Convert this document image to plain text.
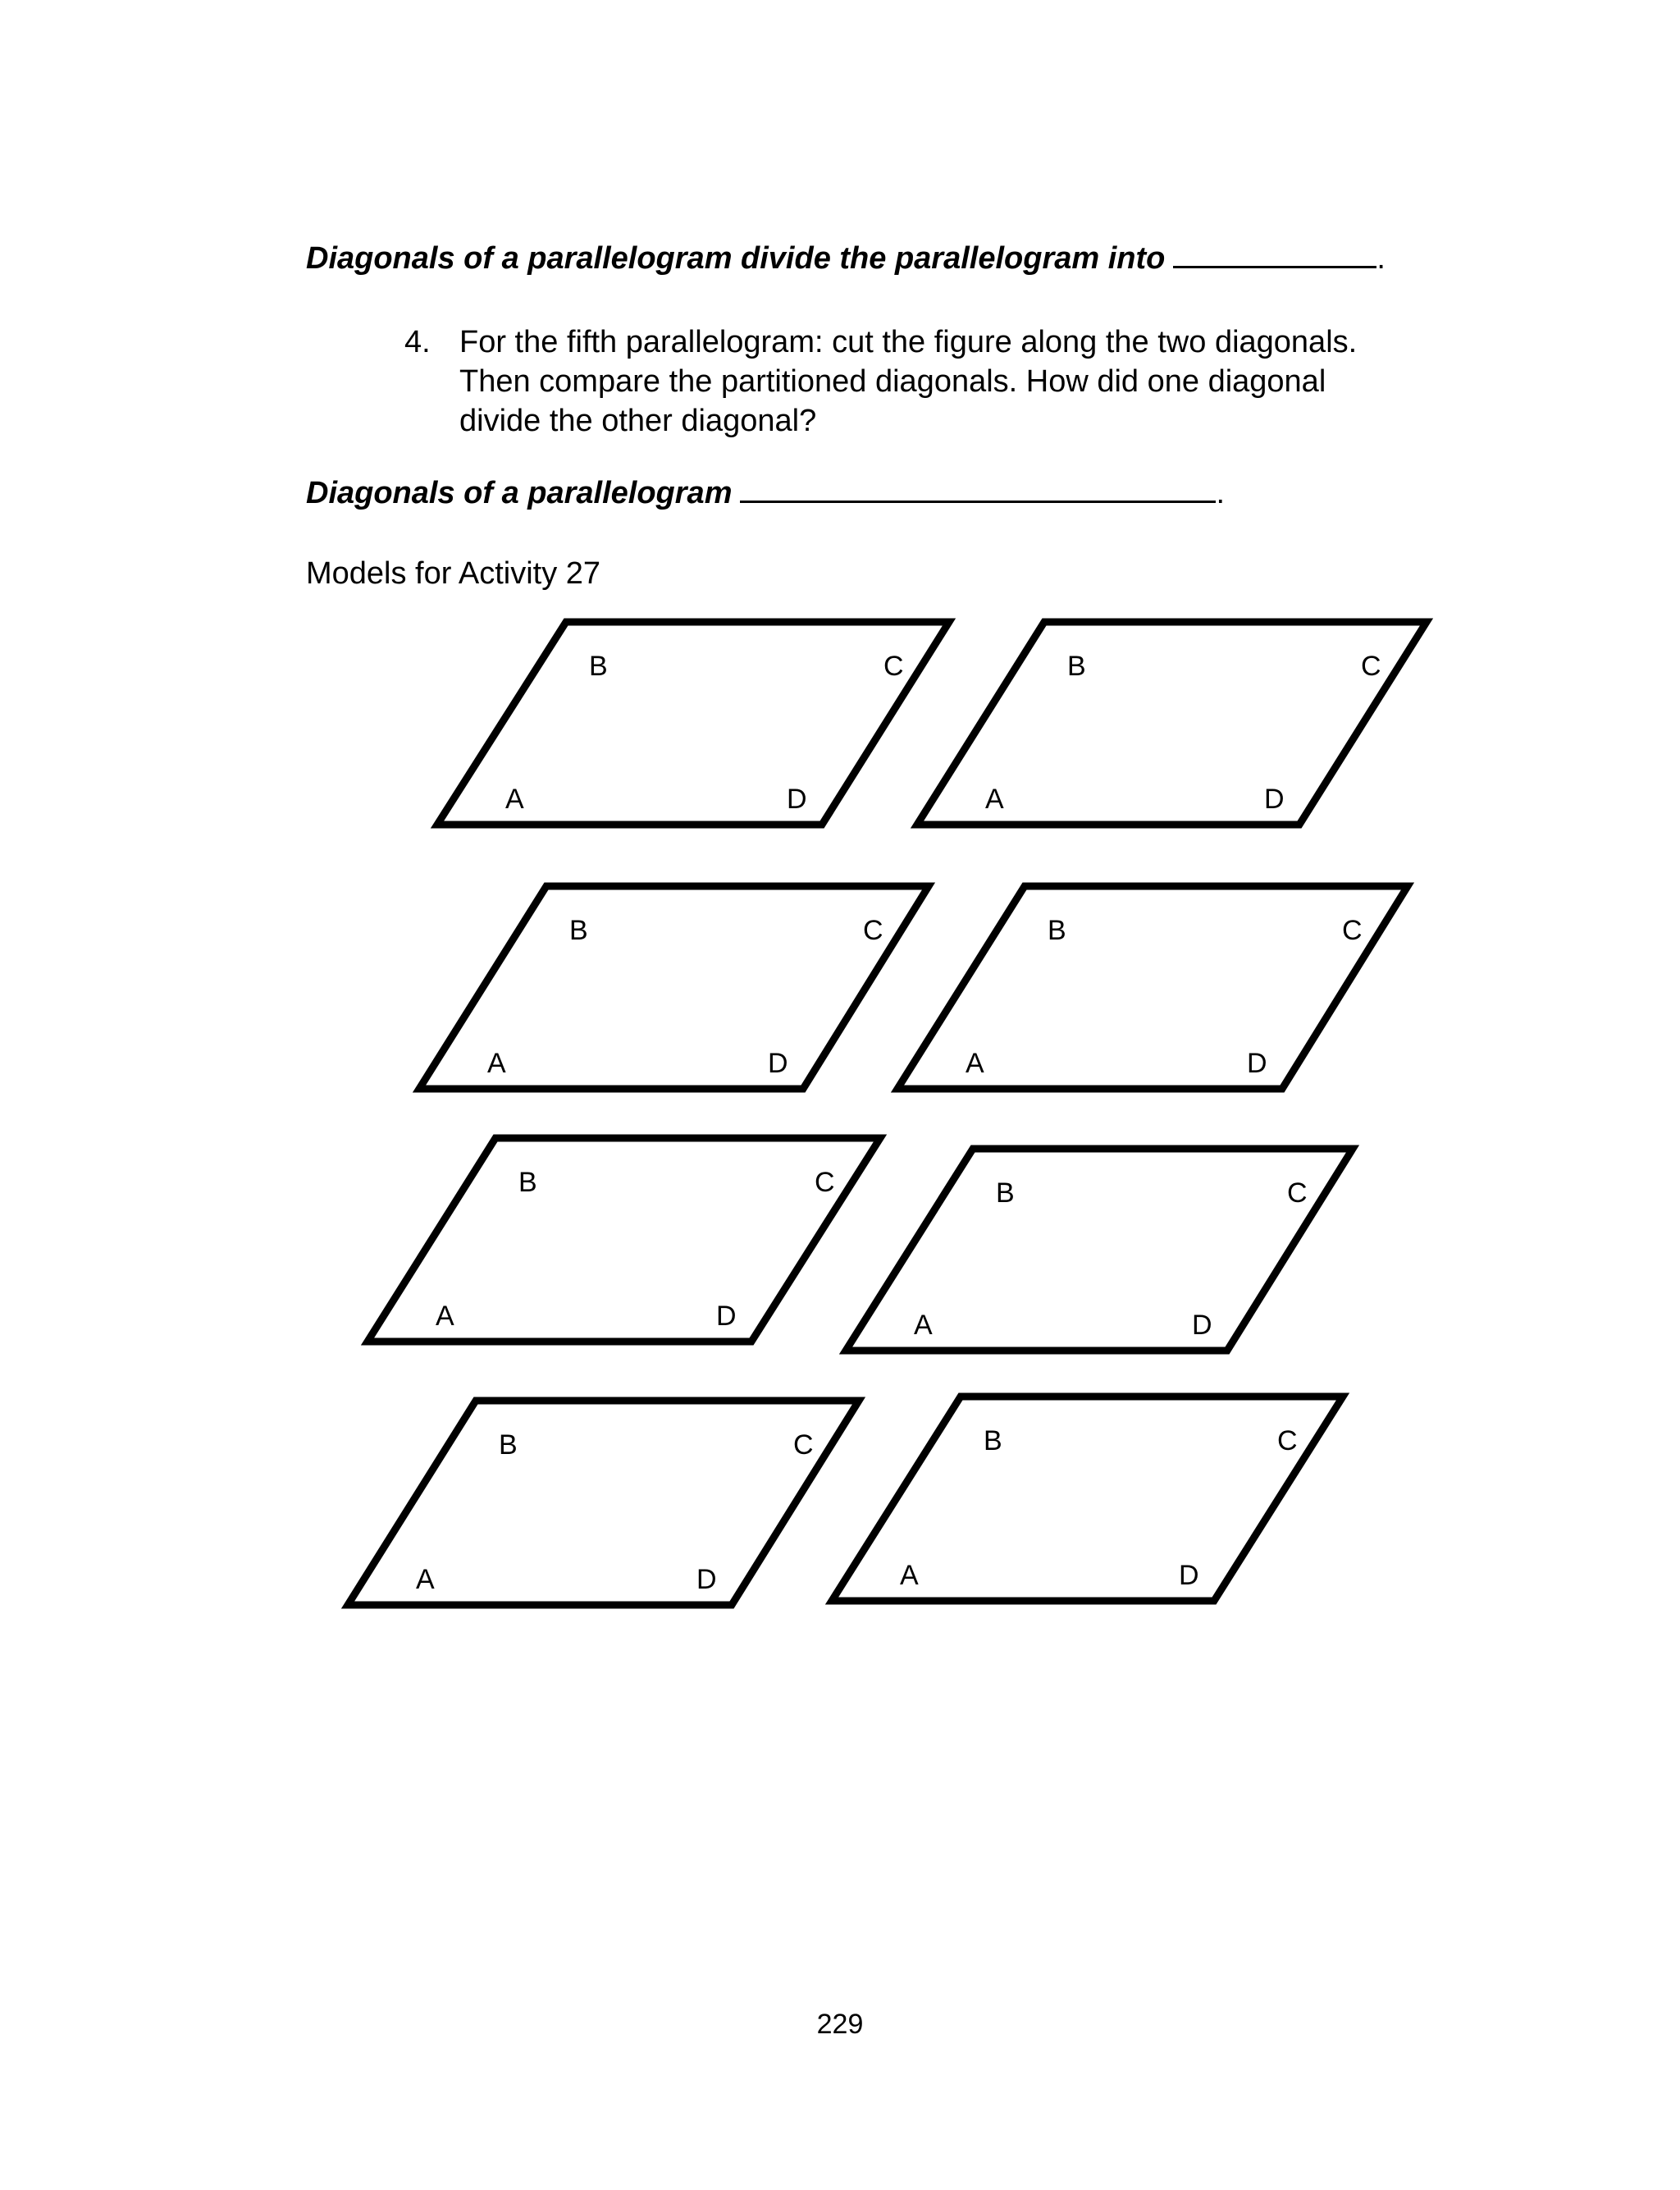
Diagonals of a parallelogram divide the parallelogram into	.
4. For the fifth parallelogram: cut the figure along the two diagonals.
Then compare the partitioned diagonals. How did one diagonal
divide the other diagonal?
Diagonals of a parallelogram	.
Models for Activity 27
B	C
A	D
B	C
A	D
B	C
A	D
B	C
A	D
B	C
A	D
B	C
A	D
B	C
A	D
B	C
A	D
229
